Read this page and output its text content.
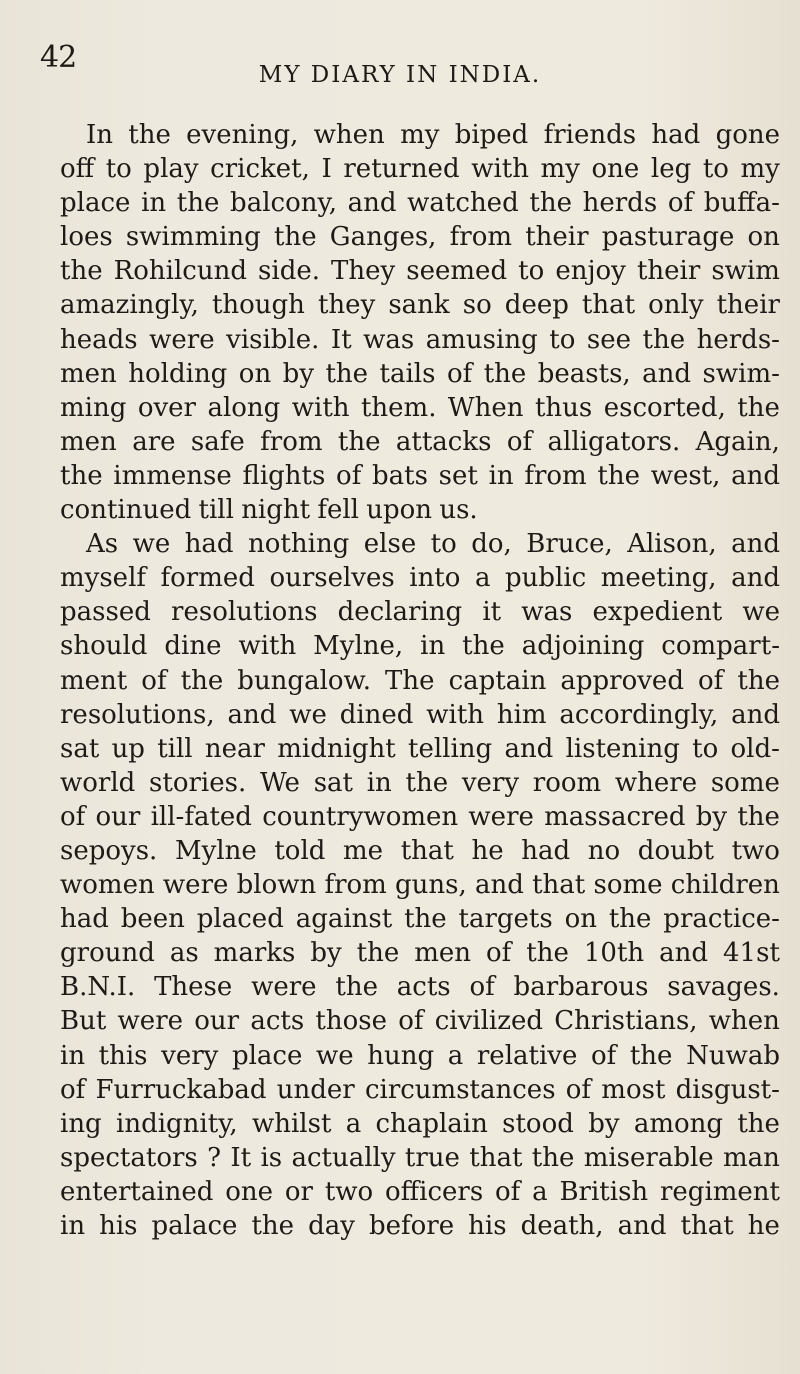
42	MY DIARY IN INDIA.
In the evening, when my biped friends had gone
off to play cricket, I returned with my one leg to my
place in the balcony, and watched the herds of buffa-
loes swimming the Ganges, from their pasturage on
the Rohilcund side. They seemed to enjoy their swim
amazingly, though they sank so deep that only their
heads were visible. It was amusing to see the herds-
men holding on by the tails of the beasts, and swim-
ming over along with them. When thus escorted, the
men are safe from the attacks of alligators. Again,
the immense flights of bats set in from the west, and
continued till night fell upon us.
As we had nothing else to do, Bruce, Alison, and
myself formed ourselves into a public meeting, and
passed resolutions declaring it was expedient we
should dine with Mylne, in the adjoining compart-
ment of the bungalow. The captain approved of the
resolutions, and we dined with him accordingly, and
sat up till near midnight telling and listening to old-
world stories. We sat in the very room where some
of our ill-fated countrywomen were massacred by the
sepoys. Mylne told me that he had no doubt two
women were blown from guns, and that some children
had been placed against the targets on the practice-
ground as marks by the men of the 10th and 41st
B.N.I. These were the acts of barbarous savages.
But were our acts those of civilized Christians, when
in this very place we hung a relative of the Nuwab
of Furruckabad under circumstances of most disgust-
ing indignity, whilst a chaplain stood by among the
spectators ? It is actually true that the miserable man
entertained one or two officers of a British regiment
in his palace the day before his death, and that he
